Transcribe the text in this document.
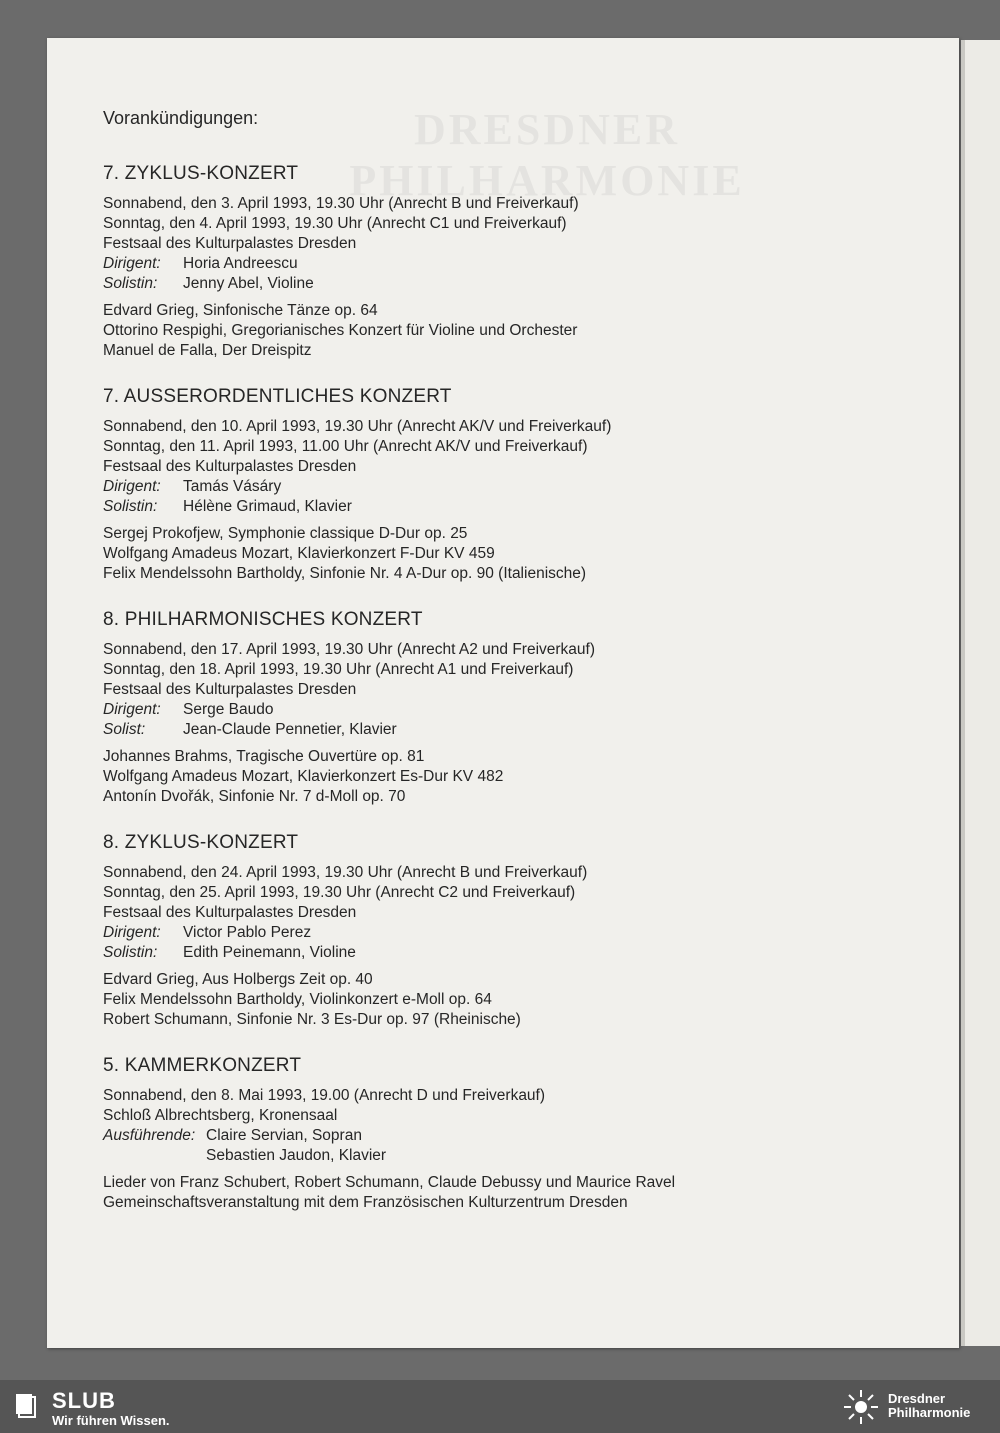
DRESDNER PHILHARMONIE
Vorankündigungen:
7. ZYKLUS-KONZERT
Sonnabend, den 3. April 1993, 19.30 Uhr (Anrecht B und Freiverkauf)
Sonntag, den 4. April 1993, 19.30 Uhr (Anrecht C1 und Freiverkauf)
Festsaal des Kulturpalastes Dresden
Dirigent:	Horia Andreescu
Solistin:	Jenny Abel, Violine
Edvard Grieg, Sinfonische Tänze op. 64
Ottorino Respighi, Gregorianisches Konzert für Violine und Orchester
Manuel de Falla, Der Dreispitz
7. AUSSERORDENTLICHES KONZERT
Sonnabend, den 10. April 1993, 19.30 Uhr (Anrecht AK/V und Freiverkauf)
Sonntag, den 11. April 1993, 11.00 Uhr (Anrecht AK/V und Freiverkauf)
Festsaal des Kulturpalastes Dresden
Dirigent:	Tamás Vásáry
Solistin:	Hélène Grimaud, Klavier
Sergej Prokofjew, Symphonie classique D-Dur op. 25
Wolfgang Amadeus Mozart, Klavierkonzert F-Dur KV 459
Felix Mendelssohn Bartholdy, Sinfonie Nr. 4 A-Dur op. 90 (Italienische)
8. PHILHARMONISCHES KONZERT
Sonnabend, den 17. April 1993, 19.30 Uhr (Anrecht A2 und Freiverkauf)
Sonntag, den 18. April 1993, 19.30 Uhr (Anrecht A1 und Freiverkauf)
Festsaal des Kulturpalastes Dresden
Dirigent:	Serge Baudo
Solist:	Jean-Claude Pennetier, Klavier
Johannes Brahms, Tragische Ouvertüre op. 81
Wolfgang Amadeus Mozart, Klavierkonzert Es-Dur KV 482
Antonín Dvořák, Sinfonie Nr. 7 d-Moll op. 70
8. ZYKLUS-KONZERT
Sonnabend, den 24. April 1993, 19.30 Uhr (Anrecht B und Freiverkauf)
Sonntag, den 25. April 1993, 19.30 Uhr (Anrecht C2 und Freiverkauf)
Festsaal des Kulturpalastes Dresden
Dirigent:	Victor Pablo Perez
Solistin:	Edith Peinemann, Violine
Edvard Grieg, Aus Holbergs Zeit op. 40
Felix Mendelssohn Bartholdy, Violinkonzert e-Moll op. 64
Robert Schumann, Sinfonie Nr. 3 Es-Dur op. 97 (Rheinische)
5. KAMMERKONZERT
Sonnabend, den 8. Mai 1993, 19.00 (Anrecht D und Freiverkauf)
Schloß Albrechtsberg, Kronensaal
Ausführende: Claire Servian, Sopran
Sebastien Jaudon, Klavier
Lieder von Franz Schubert, Robert Schumann, Claude Debussy und Maurice Ravel
Gemeinschaftsveranstaltung mit dem Französischen Kulturzentrum Dresden
SLUB
Wir führen Wissen.
Dresdner
Philharmonie
